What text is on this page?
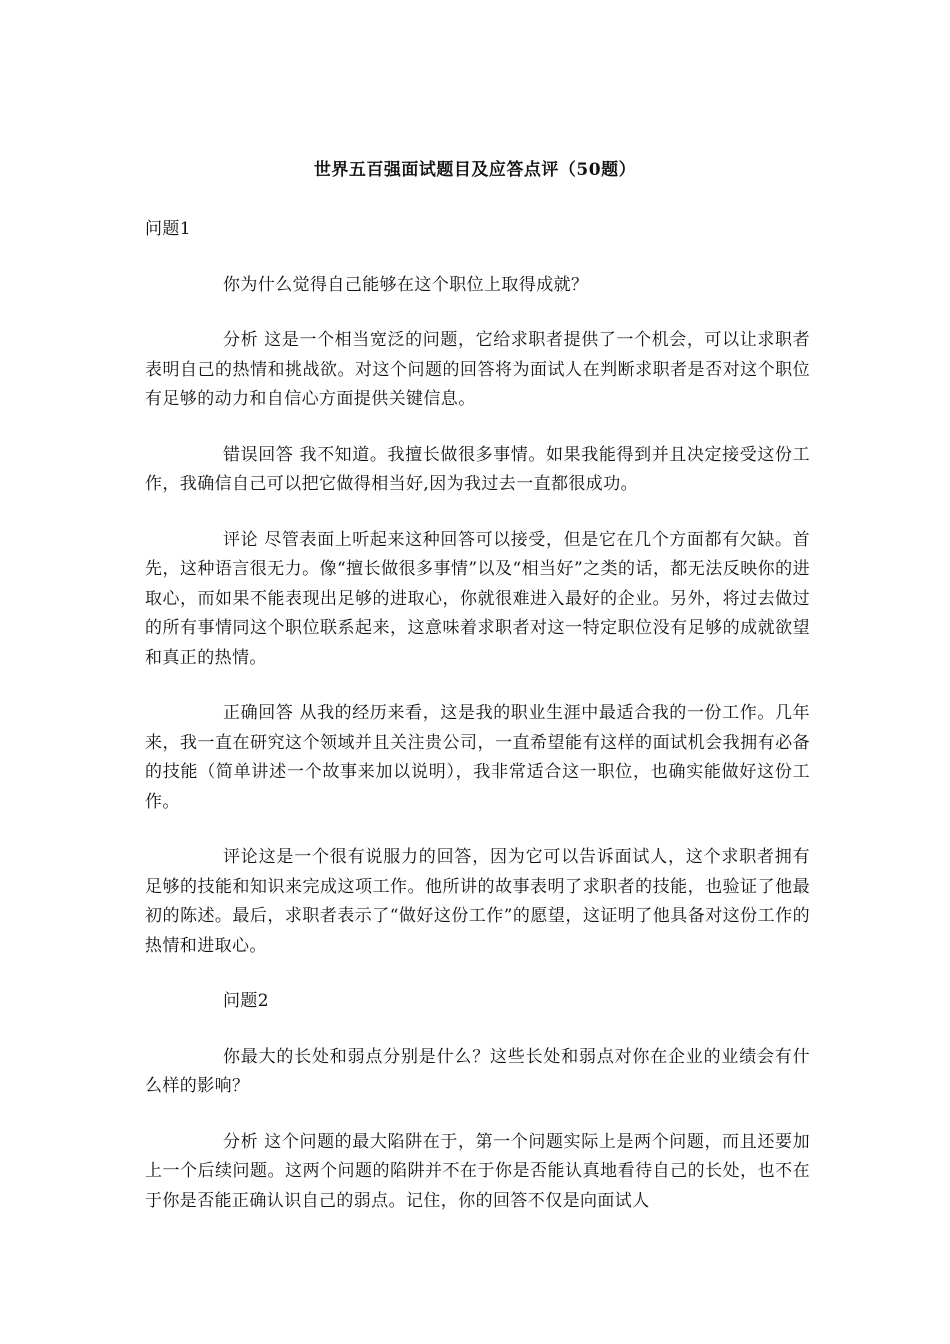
世界五百强面试题目及应答点评（50题）

问题1

你为什么觉得自己能够在这个职位上取得成就？

分析 这是一个相当宽泛的问题，它给求职者提供了一个机会，可以让求职者表明自己的热情和挑战欲。对这个问题的回答将为面试人在判断求职者是否对这个职位有足够的动力和自信心方面提供关键信息。

错误回答 我不知道。我擅长做很多事情。如果我能得到并且决定接受这份工作，我确信自己可以把它做得相当好,因为我过去一直都很成功。

评论 尽管表面上听起来这种回答可以接受，但是它在几个方面都有欠缺。首先，这种语言很无力。像“擅长做很多事情”以及“相当好”之类的话，都无法反映你的进取心，而如果不能表现出足够的进取心，你就很难进入最好的企业。另外，将过去做过的所有事情同这个职位联系起来，这意味着求职者对这一特定职位没有足够的成就欲望和真正的热情。

正确回答 从我的经历来看，这是我的职业生涯中最适合我的一份工作。几年来，我一直在研究这个领域并且关注贵公司，一直希望能有这样的面试机会我拥有必备的技能（简单讲述一个故事来加以说明），我非常适合这一职位，也确实能做好这份工作。

评论这是一个很有说服力的回答，因为它可以告诉面试人，这个求职者拥有足够的技能和知识来完成这项工作。他所讲的故事表明了求职者的技能，也验证了他最初的陈述。最后，求职者表示了“做好这份工作”的愿望，这证明了他具备对这份工作的热情和进取心。

问题2

你最大的长处和弱点分别是什么？这些长处和弱点对你在企业的业绩会有什么样的影响？

分析 这个问题的最大陷阱在于，第一个问题实际上是两个问题，而且还要加上一个后续问题。这两个问题的陷阱并不在于你是否能认真地看待自己的长处，也不在于你是否能正确认识自己的弱点。记住，你的回答不仅是向面试人
